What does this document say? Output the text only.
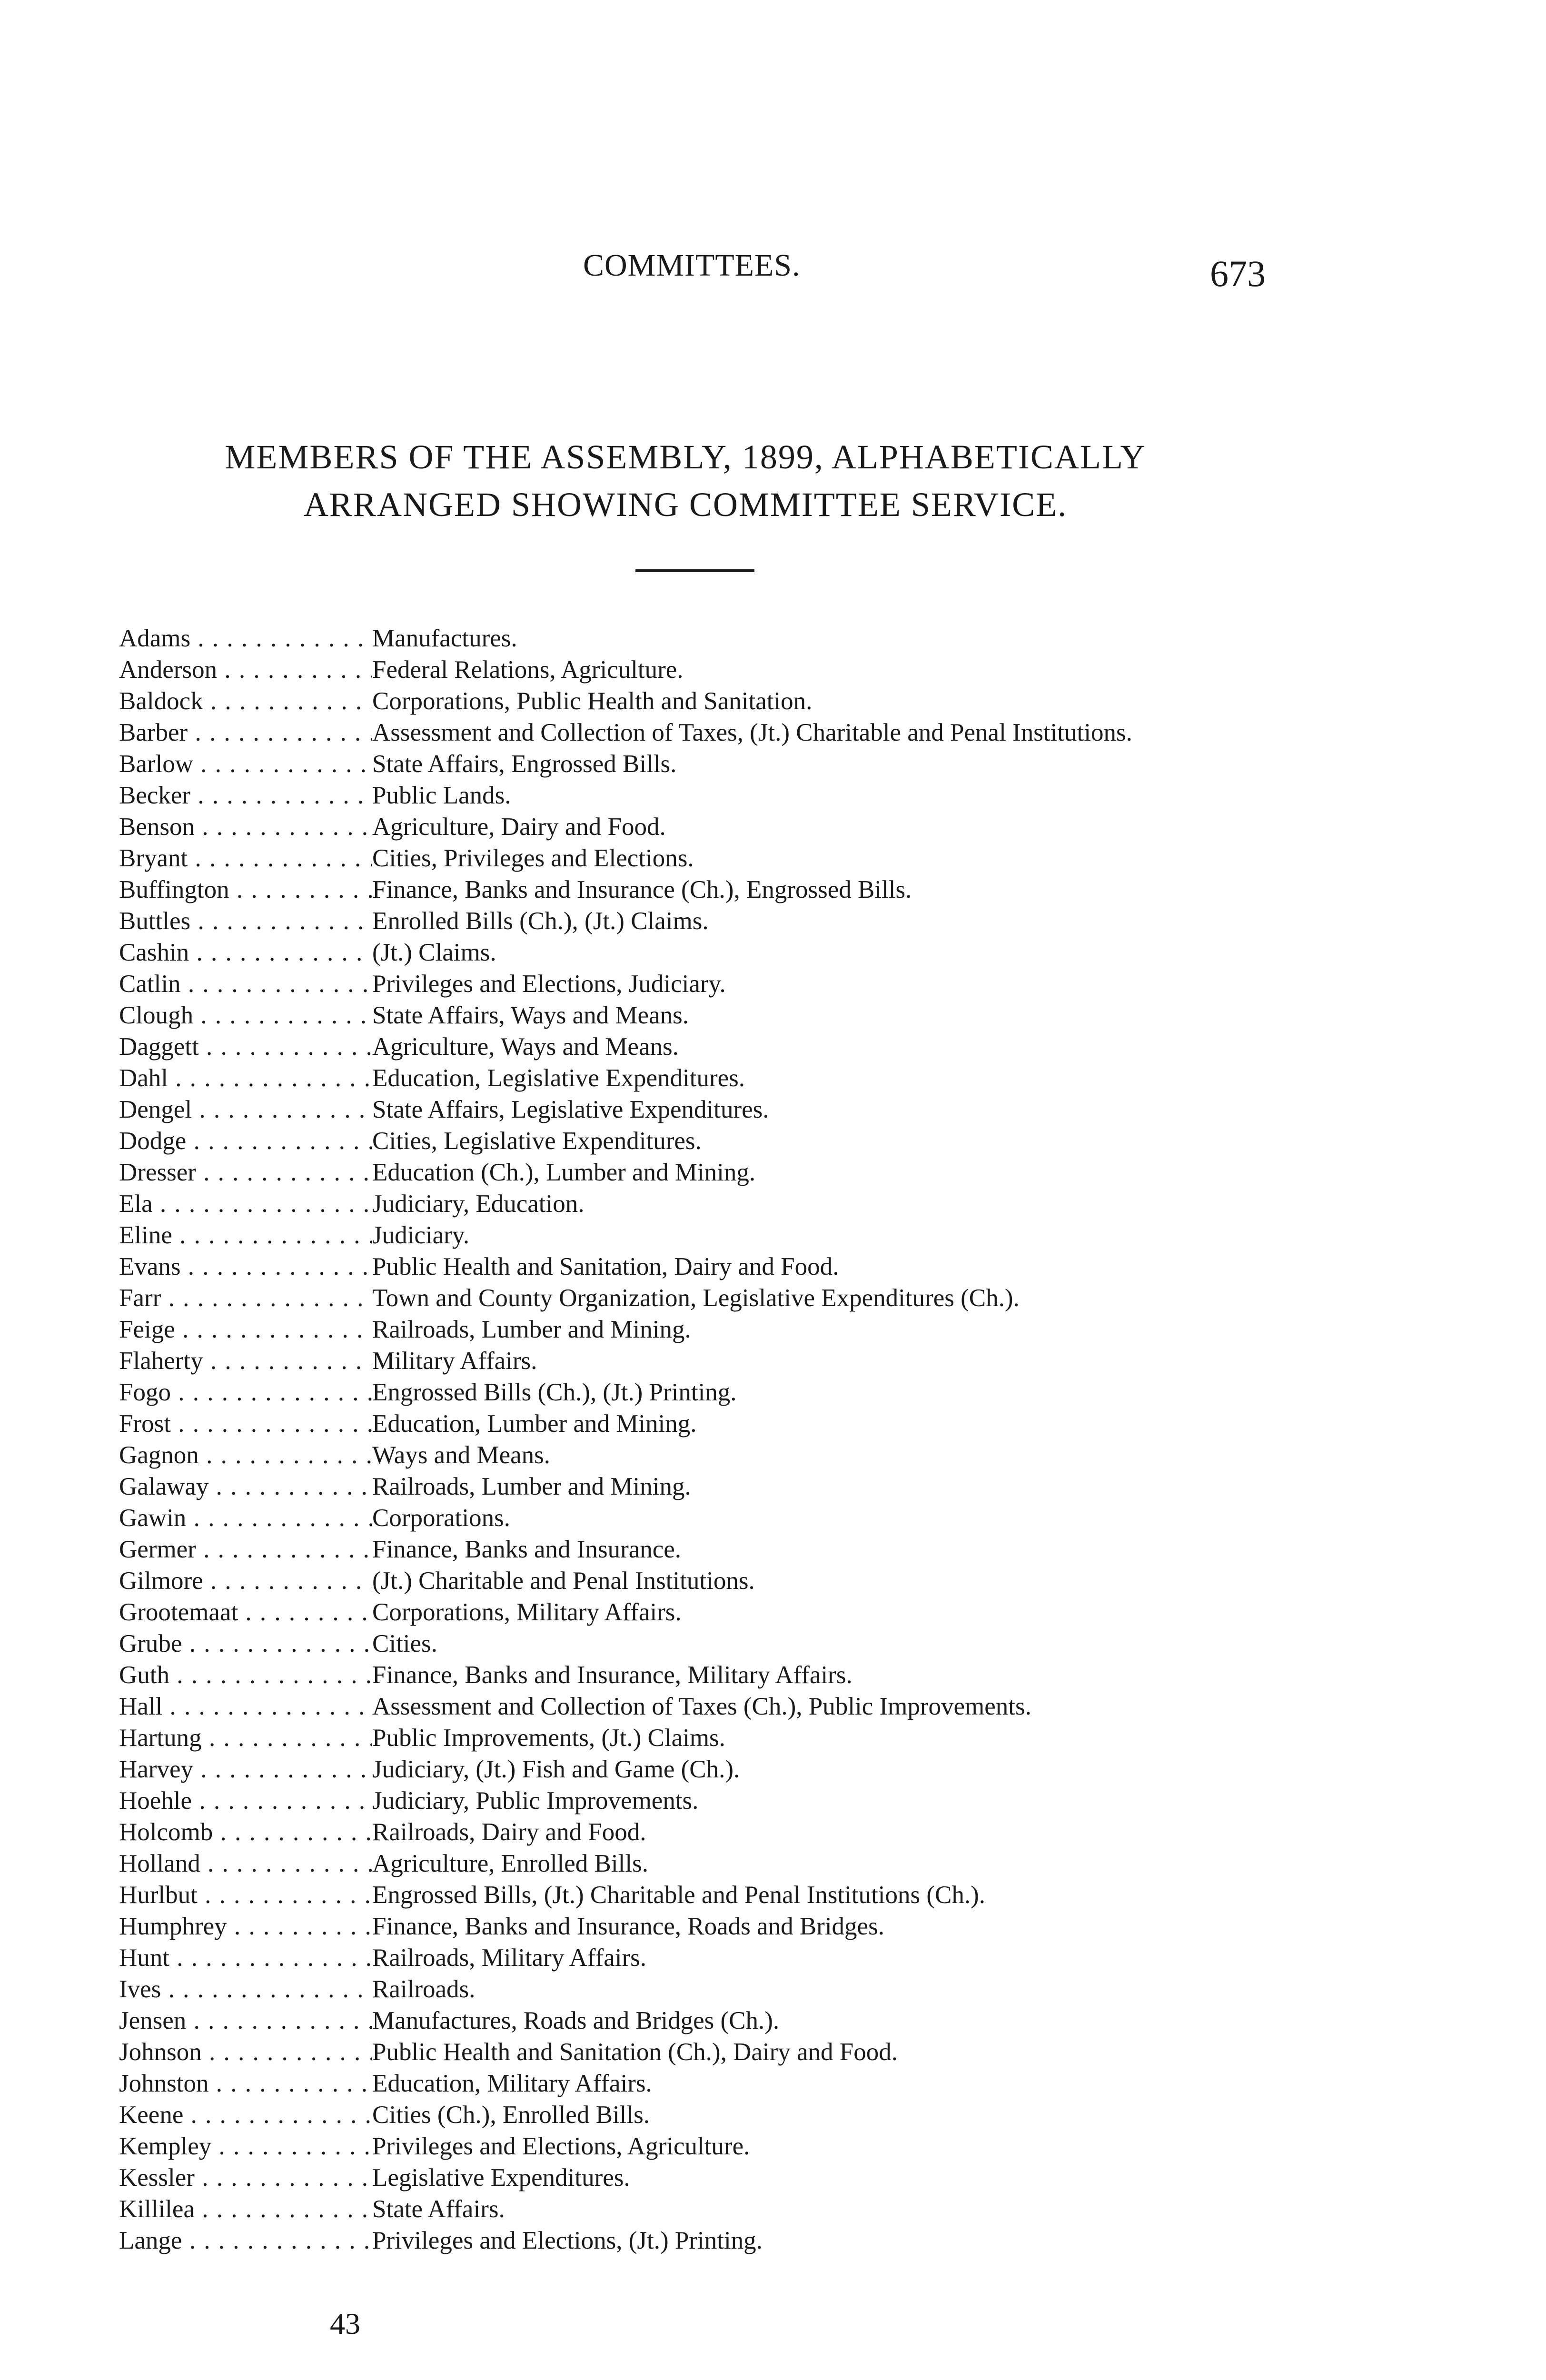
COMMITTEES.	673
MEMBERS OF THE ASSEMBLY, 1899, ALPHABETICALLY
ARRANGED SHOWING COMMITTEE SERVICE.
Adams . . .	Manufactures.
Anderson . . .	Federal Relations, Agriculture.
Baldock . . .	Corporations, Public Health and Sanitation.
Barber . . .	Assessment and Collection of Taxes, (Jt.) Charitable and Penal Institutions.
Barlow . . .	State Affairs, Engrossed Bills.
Becker . . .	Public Lands.
Benson . . .	Agriculture, Dairy and Food.
Bryant . . .	Cities, Privileges and Elections.
Buffington . . .	Finance, Banks and Insurance (Ch.), Engrossed Bills.
Buttles . . .	Enrolled Bills (Ch.), (Jt.) Claims.
Cashin . . .	(Jt.) Claims.
Catlin . . .	Privileges and Elections, Judiciary.
Clough . . .	State Affairs, Ways and Means.
Daggett . . .	Agriculture, Ways and Means.
Dahl . . .	Education, Legislative Expenditures.
Dengel . . .	State Affairs, Legislative Expenditures.
Dodge . . .	Cities, Legislative Expenditures.
Dresser . . .	Education (Ch.), Lumber and Mining.
Ela . . .	Judiciary, Education.
Eline . . .	Judiciary.
Evans . . .	Public Health and Sanitation, Dairy and Food.
Farr . . .	Town and County Organization, Legislative Expenditures (Ch.).
Feige . . .	Railroads, Lumber and Mining.
Flaherty . . .	Military Affairs.
Fogo . . .	Engrossed Bills (Ch.), (Jt.) Printing.
Frost . . .	Education, Lumber and Mining.
Gagnon . . .	Ways and Means.
Galaway . . .	Railroads, Lumber and Mining.
Gawin . . .	Corporations.
Germer . . .	Finance, Banks and Insurance.
Gilmore . . .	(Jt.) Charitable and Penal Institutions.
Grootemaat . . .	Corporations, Military Affairs.
Grube . . .	Cities.
Guth . . .	Finance, Banks and Insurance, Military Affairs.
Hall . . .	Assessment and Collection of Taxes (Ch.), Public Improvements.
Hartung . . .	Public Improvements, (Jt.) Claims.
Harvey . . .	Judiciary, (Jt.) Fish and Game (Ch.).
Hoehle . . .	Judiciary, Public Improvements.
Holcomb . . .	Railroads, Dairy and Food.
Holland . . .	Agriculture, Enrolled Bills.
Hurlbut . . .	Engrossed Bills, (Jt.) Charitable and Penal Institutions (Ch.).
Humphrey . . .	Finance, Banks and Insurance, Roads and Bridges.
Hunt . . .	Railroads, Military Affairs.
Ives . . .	Railroads.
Jensen . . .	Manufactures, Roads and Bridges (Ch.).
Johnson . . .	Public Health and Sanitation (Ch.), Dairy and Food.
Johnston . . .	Education, Military Affairs.
Keene . . .	Cities (Ch.), Enrolled Bills.
Kempley . . .	Privileges and Elections, Agriculture.
Kessler . . .	Legislative Expenditures.
Killilea . . .	State Affairs.
Lange . . .	Privileges and Elections, (Jt.) Printing.
43
